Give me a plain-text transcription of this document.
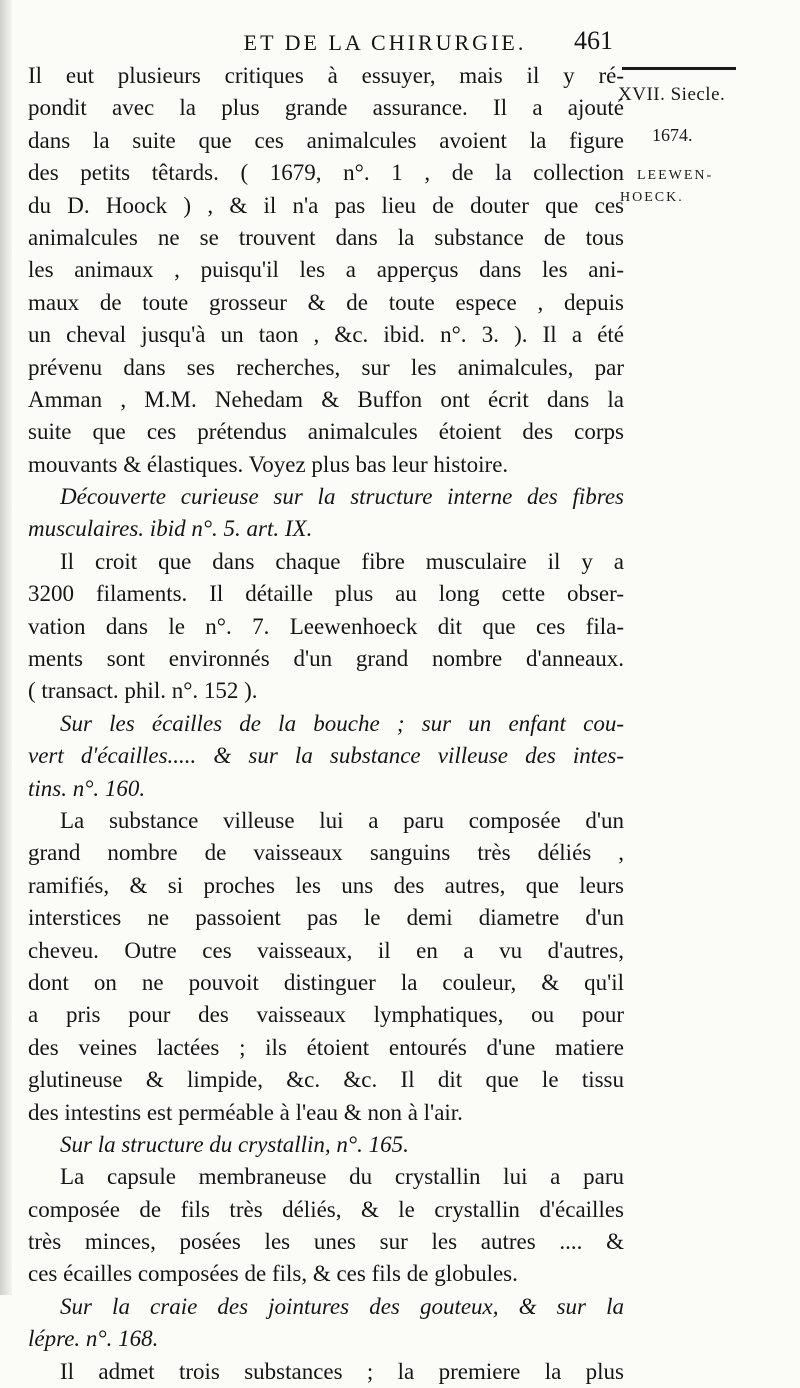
ET DE LA CHIRURGIE.	461
XVII. Siecle.
1674.
LEEWEN-
HOECK.
Il eut plusieurs critiques à essuyer, mais il y ré-
pondit avec la plus grande assurance. Il a ajouté
dans la suite que ces animalcules avoient la figure
des petits têtards. ( 1679, n°. 1 , de la collection
du D. Hoock ) , & il n'a pas lieu de douter que ces
animalcules ne se trouvent dans la substance de tous
les animaux , puisqu'il les a apperçus dans les ani-
maux de toute grosseur & de toute espece , depuis
un cheval jusqu'à un taon , &c. ibid. n°. 3. ). Il a été
prévenu dans ses recherches, sur les animalcules, par
Amman , M.M. Nehedam & Buffon ont écrit dans la
suite que ces prétendus animalcules étoient des corps
mouvants & élastiques. Voyez plus bas leur histoire.
Découverte curieuse sur la structure interne des fibres
musculaires. ibid n°. 5. art. IX.
Il croit que dans chaque fibre musculaire il y a
3200 filaments. Il détaille plus au long cette obser-
vation dans le n°. 7. Leewenhoeck dit que ces fila-
ments sont environnés d'un grand nombre d'anneaux.
( transact. phil. n°. 152 ).
Sur les écailles de la bouche ; sur un enfant cou-
vert d'écailles..... & sur la substance villeuse des intes-
tins. n°. 160.
La substance villeuse lui a paru composée d'un
grand nombre de vaisseaux sanguins très déliés ,
ramifiés, & si proches les uns des autres, que leurs
interstices ne passoient pas le demi diametre d'un
cheveu. Outre ces vaisseaux, il en a vu d'autres,
dont on ne pouvoit distinguer la couleur, & qu'il
a pris pour des vaisseaux lymphatiques, ou pour
des veines lactées ; ils étoient entourés d'une matiere
glutineuse & limpide, &c. &c. Il dit que le tissu
des intestins est perméable à l'eau & non à l'air.
Sur la structure du crystallin, n°. 165.
La capsule membraneuse du crystallin lui a paru
composée de fils très déliés, & le crystallin d'écailles
très minces, posées les unes sur les autres .... &
ces écailles composées de fils, & ces fils de globules.
Sur la craie des jointures des gouteux, & sur la
lépre. n°. 168.
Il admet trois substances ; la premiere la plus
